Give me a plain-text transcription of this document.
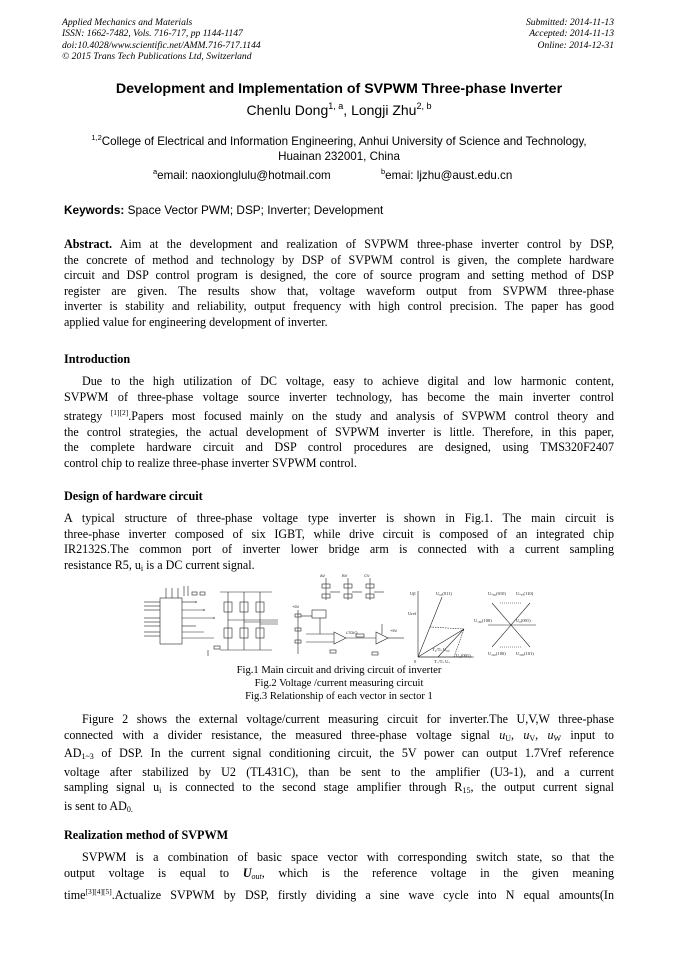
Applied Mechanics and Materials
ISSN: 1662-7482, Vols. 716-717, pp 1144-1147
doi:10.4028/www.scientific.net/AMM.716-717.1144
© 2015 Trans Tech Publications Ltd, Switzerland
Submitted: 2014-11-13
Accepted: 2014-11-13
Online: 2014-12-31
Development and Implementation of SVPWM Three-phase Inverter
Chenlu Dong$^{1, a}$, Longji Zhu$^{2, b}$
$^{1,2}$College of Electrical and Information Engineering, Anhui University of Science and Technology,
Huainan 232001, China
$^a$email: naoxionglulu@hotmail.com	$^b$emai: ljzhu@aust.edu.cn
Keywords: Space Vector PWM; DSP; Inverter; Development
Abstract. Aim at the development and realization of SVPWM three-phase inverter control by DSP,
the concrete of method and technology by DSP of SVPWM control is given, the complete hardware
circuit and DSP control program is designed, the core of source program and setting method of DSP
register are given. The results show that, voltage waveform output from SVPWM three-phase
inverter is stability and reliability, output frequency with high control precision. The paper has good
applied value for engineering development of inverter.
Introduction
Due to the high utilization of DC voltage, easy to achieve digital and low harmonic content,
SVPWM of three-phase voltage source inverter technology, has become the main inverter control
strategy [1][2].Papers most focused mainly on the study and analysis of SVPWM control theory and
the control strategies, the actual development of SVPWM inverter is little. Therefore, in this paper,
the complete hardware circuit and DSP control procedures are designed, using TMS320F2407
control chip to realize three-phase inverter SVPWM control.
Design of hardware circuit
A typical structure of three-phase voltage type inverter is shown in Fig.1. The main circuit is
three-phase inverter composed of six IGBT, while drive circuit is composed of an integrated chip
IR2132S.The common port of inverter lower bridge arm is connected with a current sampling
resistance R5, $u_i$ is a DC current signal.
AV	BV	CV
+5V
LTDIO	+5V
Uβ	U₆₀(011)
Uref
T₂/Tₛ U₆₀
T₁/Tₛ U₀
U₀(001)
0
Uₛ₀₀(010) Uₛₓₓ(110)
U₁₈₀(100)	U₀(001)
U₂₄₀(100) U₃₀₀(101)
Fig.1 Main circuit and driving circuit of inverter
Fig.2 Voltage /current measuring circuit
Fig.3 Relationship of each vector in sector 1
Figure 2 shows the external voltage/current measuring circuit for inverter.The U,V,W three-phase
connected with a divider resistance, the measured three-phase voltage signal $u_U$, $u_V$, $u_W$ input to
$AD_{1\sim 3}$ of DSP. In the current signal conditioning circuit, the 5V power can output 1.7Vref reference
voltage after stabilized by U2 (TL431C), than be sent to the amplifier (U3-1), and a current
sampling signal $u_i$ is connected to the second stage amplifier through $R_{15}$, the output current signal
is sent to $AD_{0.}$
Realization method of SVPWM
SVPWM is a combination of basic space vector with corresponding switch state, so that the
output voltage is equal to $U_{out}$, which is the reference voltage in the given meaning
time[3][4][5].Actualize SVPWM by DSP, firstly dividing a sine wave cycle into N equal amounts(In
